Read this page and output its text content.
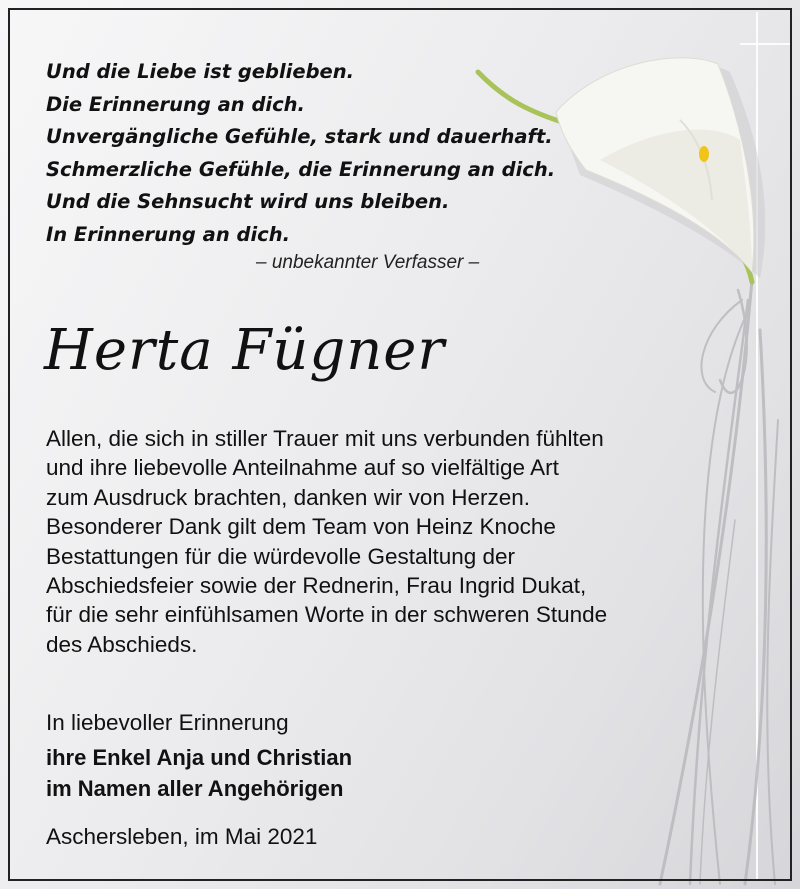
Und die Liebe ist geblieben.
Die Erinnerung an dich.
Unvergängliche Gefühle, stark und dauerhaft.
Schmerzliche Gefühle, die Erinnerung an dich.
Und die Sehnsucht wird uns bleiben.
In Erinnerung an dich.
– unbekannter Verfasser –
Herta Fügner
Allen, die sich in stiller Trauer mit uns verbunden fühlten
und ihre liebevolle Anteilnahme auf so vielfältige Art
zum Ausdruck brachten, danken wir von Herzen.
Besonderer Dank gilt dem Team von Heinz Knoche
Bestattungen für die würdevolle Gestaltung der
Abschiedsfeier sowie der Rednerin, Frau Ingrid Dukat,
für die sehr einfühlsamen Worte in der schweren Stunde
des Abschieds.
In liebevoller Erinnerung
ihre Enkel Anja und Christian
im Namen aller Angehörigen
Aschersleben, im Mai 2021
